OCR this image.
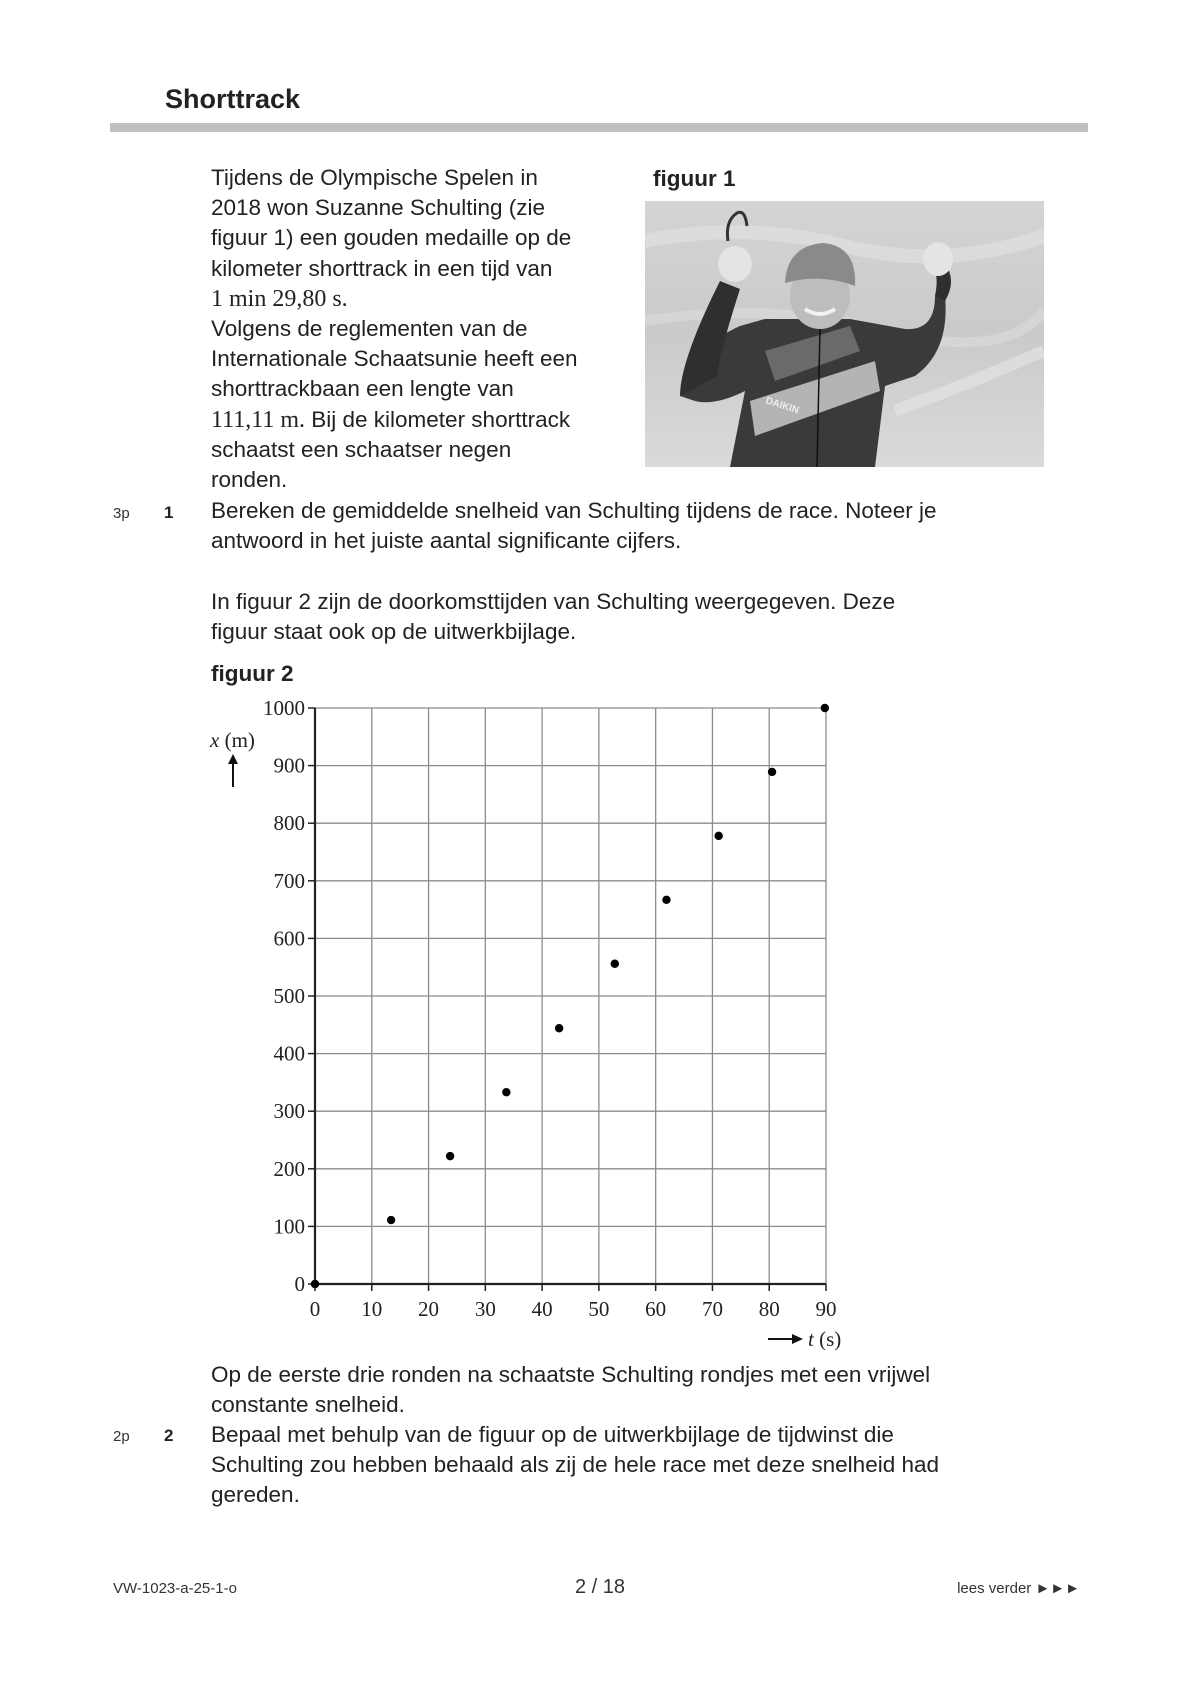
Shorttrack
Tijdens de Olympische Spelen in
2018 won Suzanne Schulting (zie
figuur 1) een gouden medaille op de
kilometer shorttrack in een tijd van
1 min 29,80 s.
Volgens de reglementen van de
Internationale Schaatsunie heeft een
shorttrackbaan een lengte van
111,11 m. Bij de kilometer shorttrack
schaatst een schaatser negen
ronden.
figuur 1
DAIKIN
3p 1 Bereken de gemiddelde snelheid van Schulting tijdens de race. Noteer je
antwoord in het juiste aantal significante cijfers.
In figuur 2 zijn de doorkomsttijden van Schulting weergegeven. Deze
figuur staat ook op de uitwerkbijlage.
figuur 2
0 10 20 30 40 50 60 70 80 90
0
100
200
300
400
500
600
700
800
900
1000
x (m)
t (s)
Op de eerste drie ronden na schaatste Schulting rondjes met een vrijwel
constante snelheid.
2p 2 Bepaal met behulp van de figuur op de uitwerkbijlage de tijdwinst die
Schulting zou hebben behaald als zij de hele race met deze snelheid had
gereden.
VW-1023-a-25-1-o	2 / 18	lees verder ►►►
